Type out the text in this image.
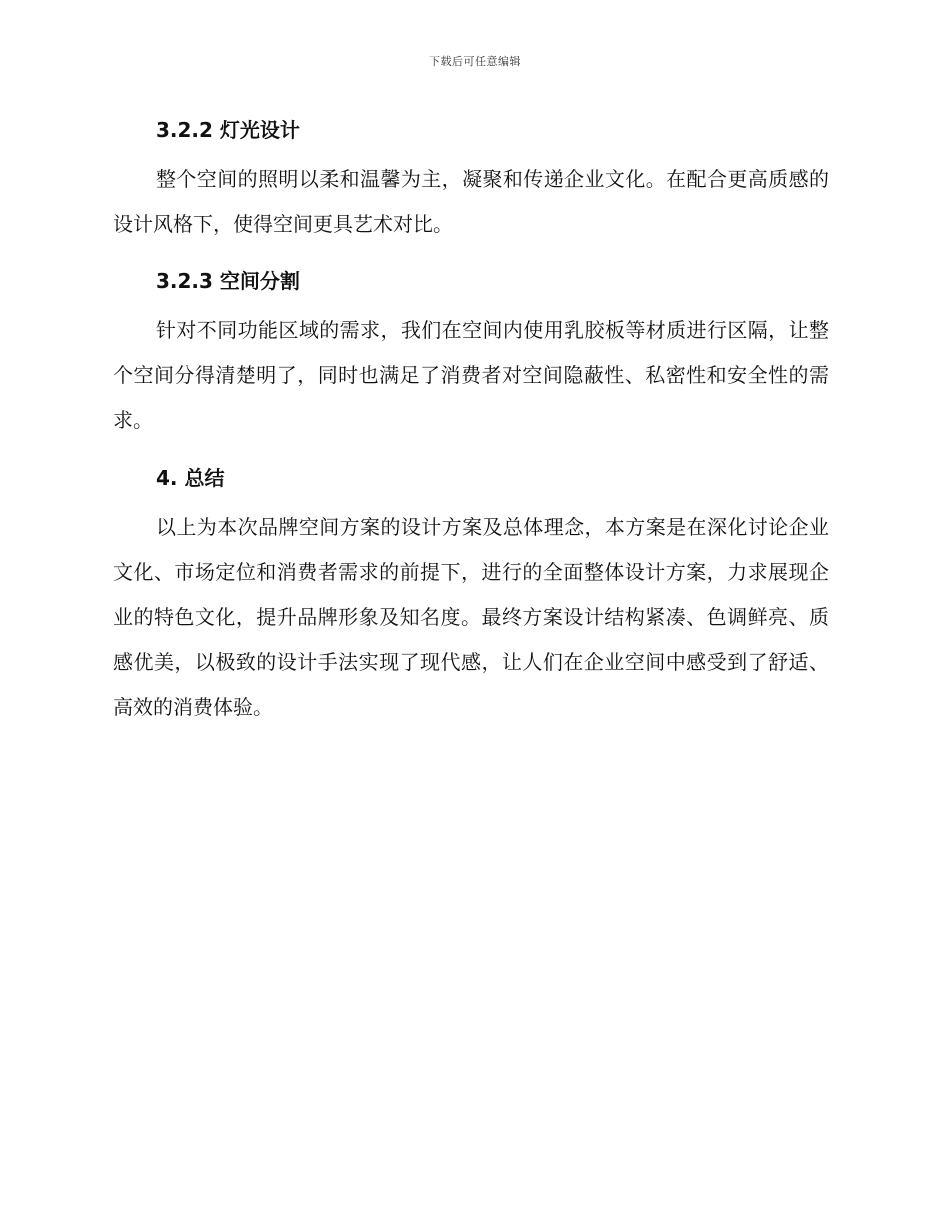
下载后可任意编辑
3.2.2 灯光设计

整个空间的照明以柔和温馨为主，凝聚和传递企业文化。在配合更高质感的设计风格下，使得空间更具艺术对比。

3.2.3 空间分割

针对不同功能区域的需求，我们在空间内使用乳胶板等材质进行区隔，让整个空间分得清楚明了，同时也满足了消费者对空间隐蔽性、私密性和安全性的需求。

4. 总结

以上为本次品牌空间方案的设计方案及总体理念，本方案是在深化讨论企业文化、市场定位和消费者需求的前提下，进行的全面整体设计方案，力求展现企业的特色文化，提升品牌形象及知名度。最终方案设计结构紧凑、色调鲜亮、质感优美，以极致的设计手法实现了现代感，让人们在企业空间中感受到了舒适、高效的消费体验。
